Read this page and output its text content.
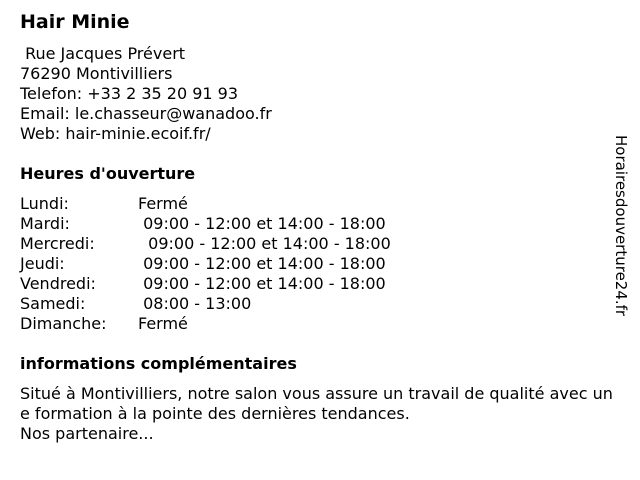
Hair Minie
Rue Jacques Prévert
76290 Montivilliers
Telefon: +33 2 35 20 91 93
Email: le.chasseur@wanadoo.fr
Web: hair-minie.ecoif.fr/
Heures d'ouverture
Lundi:	Fermé
Mardi:	09:00 - 12:00 et 14:00 - 18:00
Mercredi:	09:00 - 12:00 et 14:00 - 18:00
Jeudi:	09:00 - 12:00 et 14:00 - 18:00
Vendredi:	09:00 - 12:00 et 14:00 - 18:00
Samedi:	08:00 - 13:00
Dimanche: Fermé
informations complémentaires
Situé à Montivilliers, notre salon vous assure un travail de qualité avec une formation à la pointe des dernières tendances.
Nos partenaire...
Horairesdouverture24.fr
